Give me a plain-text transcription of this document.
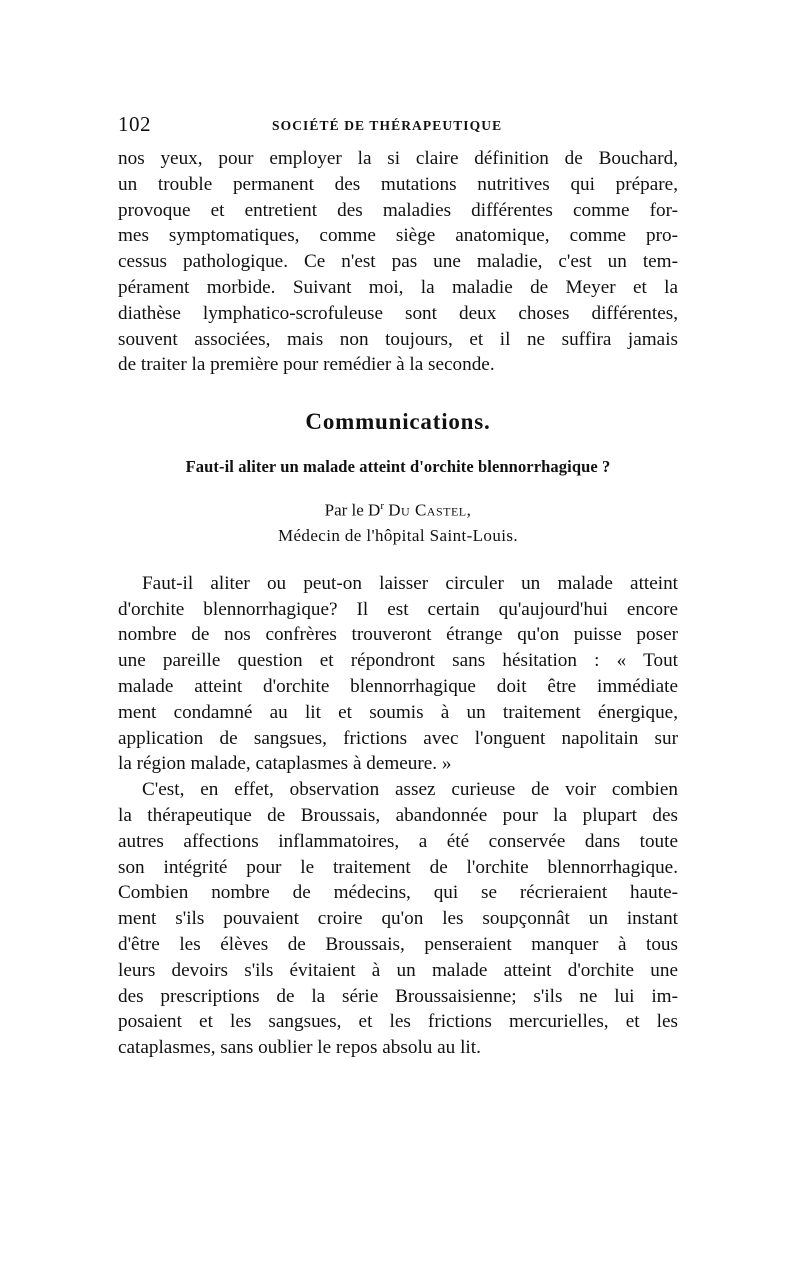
102	SOCIÉTÉ DE THÉRAPEUTIQUE
nos yeux, pour employer la si claire définition de Bouchard,
un trouble permanent des mutations nutritives qui prépare,
provoque et entretient des maladies différentes comme for-
mes symptomatiques, comme siège anatomique, comme pro-
cessus pathologique. Ce n'est pas une maladie, c'est un tem-
pérament morbide. Suivant moi, la maladie de Meyer et la
diathèse lymphatico-scrofuleuse sont deux choses différentes,
souvent associées, mais non toujours, et il ne suffira jamais
de traiter la première pour remédier à la seconde.
Communications.
Faut-il aliter un malade atteint d'orchite blennorrhagique ?
Par le $D^r$ Du Castel,
Médecin de l'hôpital Saint-Louis.
Faut-il aliter ou peut-on laisser circuler un malade atteint
d'orchite blennorrhagique? Il est certain qu'aujourd'hui encore
nombre de nos confrères trouveront étrange qu'on puisse poser
une pareille question et répondront sans hésitation : « Tout
malade atteint d'orchite blennorrhagique doit être immédiate
ment condamné au lit et soumis à un traitement énergique,
application de sangsues, frictions avec l'onguent napolitain sur
la région malade, cataplasmes à demeure. »
C'est, en effet, observation assez curieuse de voir combien
la thérapeutique de Broussais, abandonnée pour la plupart des
autres affections inflammatoires, a été conservée dans toute
son intégrité pour le traitement de l'orchite blennorrhagique.
Combien nombre de médecins, qui se récrieraient haute-
ment s'ils pouvaient croire qu'on les soupçonnât un instant
d'être les élèves de Broussais, penseraient manquer à tous
leurs devoirs s'ils évitaient à un malade atteint d'orchite une
des prescriptions de la série Broussaisienne; s'ils ne lui im-
posaient et les sangsues, et les frictions mercurielles, et les
cataplasmes, sans oublier le repos absolu au lit.
